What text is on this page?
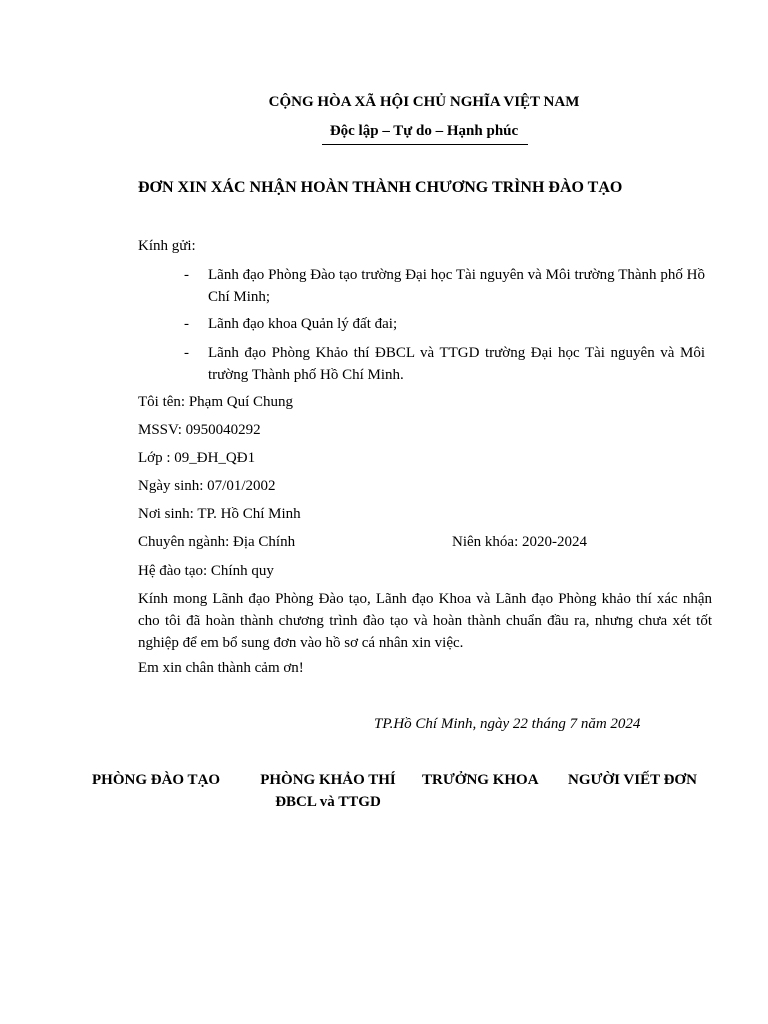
CỘNG HÒA XÃ HỘI CHỦ NGHĨA VIỆT NAM
Độc lập – Tự do – Hạnh phúc
ĐƠN XIN XÁC NHẬN HOÀN THÀNH CHƯƠNG TRÌNH ĐÀO TẠO
Kính gửi:
- Lãnh đạo Phòng Đào tạo trường Đại học Tài nguyên và Môi trường Thành phố Hồ Chí Minh;
- Lãnh đạo khoa Quản lý đất đai;
- Lãnh đạo Phòng Khảo thí ĐBCL và TTGD trường Đại học Tài nguyên và Môi trường Thành phố Hồ Chí Minh.
Tôi tên: Phạm Quí Chung
MSSV: 0950040292
Lớp : 09_ĐH_QĐ1
Ngày sinh: 07/01/2002
Nơi sinh: TP. Hồ Chí Minh
Chuyên ngành: Địa Chính	Niên khóa: 2020-2024
Hệ đào tạo: Chính quy
Kính mong Lãnh đạo Phòng Đào tạo, Lãnh đạo Khoa và Lãnh đạo Phòng khảo thí xác nhận cho tôi đã hoàn thành chương trình đào tạo và hoàn thành chuẩn đầu ra, nhưng chưa xét tốt nghiệp để em bổ sung đơn vào hồ sơ cá nhân xin việc.
Em xin chân thành cảm ơn!
TP.Hồ Chí Minh, ngày 22 tháng 7 năm 2024
PHÒNG ĐÀO TẠO	PHÒNG KHẢO THÍ
ĐBCL và TTGD
TRƯỞNG KHOA NGƯỜI VIẾT ĐƠN
